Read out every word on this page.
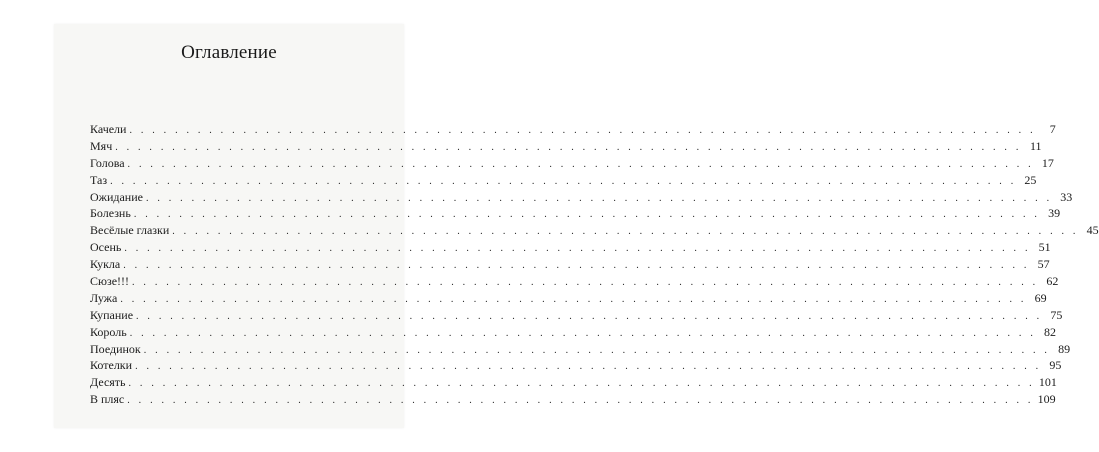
Оглавление
Качели . . . . . . . . . . . . . . . . . . . . . . . . . . . . . . . . . . . . . . . . . . . . . . . . . . . . . . . . . . . . . . . . . . . . . . . . . . . . . . . .	7
Мяч . . . . . . . . . . . . . . . . . . . . . . . . . . . . . . . . . . . . . . . . . . . . . . . . . . . . . . . . . . . . . . . . . . . . . . . . . . . . . . . . 11
Голова . . . . . . . . . . . . . . . . . . . . . . . . . . . . . . . . . . . . . . . . . . . . . . . . . . . . . . . . . . . . . . . . . . . . . . . . . . . . . . . . 17
Таз . . . . . . . . . . . . . . . . . . . . . . . . . . . . . . . . . . . . . . . . . . . . . . . . . . . . . . . . . . . . . . . . . . . . . . . . . . . . . . . . 25
Ожидание . . . . . . . . . . . . . . . . . . . . . . . . . . . . . . . . . . . . . . . . . . . . . . . . . . . . . . . . . . . . . . . . . . . . . . . . . . . . . . . . 33
Болезнь . . . . . . . . . . . . . . . . . . . . . . . . . . . . . . . . . . . . . . . . . . . . . . . . . . . . . . . . . . . . . . . . . . . . . . . . . . . . . . . . 39
Весёлые глазки . . . . . . . . . . . . . . . . . . . . . . . . . . . . . . . . . . . . . . . . . . . . . . . . . . . . . . . . . . . . . . . . . . . . . . . . . . . . . . . . 45
Осень . . . . . . . . . . . . . . . . . . . . . . . . . . . . . . . . . . . . . . . . . . . . . . . . . . . . . . . . . . . . . . . . . . . . . . . . . . . . . . . . 51
Кукла . . . . . . . . . . . . . . . . . . . . . . . . . . . . . . . . . . . . . . . . . . . . . . . . . . . . . . . . . . . . . . . . . . . . . . . . . . . . . . . . 57
Сюзе!!! . . . . . . . . . . . . . . . . . . . . . . . . . . . . . . . . . . . . . . . . . . . . . . . . . . . . . . . . . . . . . . . . . . . . . . . . . . . . . . . . 62
Лужа . . . . . . . . . . . . . . . . . . . . . . . . . . . . . . . . . . . . . . . . . . . . . . . . . . . . . . . . . . . . . . . . . . . . . . . . . . . . . . . . 69
Купание . . . . . . . . . . . . . . . . . . . . . . . . . . . . . . . . . . . . . . . . . . . . . . . . . . . . . . . . . . . . . . . . . . . . . . . . . . . . . . . . 75
Король . . . . . . . . . . . . . . . . . . . . . . . . . . . . . . . . . . . . . . . . . . . . . . . . . . . . . . . . . . . . . . . . . . . . . . . . . . . . . . . . 82
Поединок . . . . . . . . . . . . . . . . . . . . . . . . . . . . . . . . . . . . . . . . . . . . . . . . . . . . . . . . . . . . . . . . . . . . . . . . . . . . . . . . 89
Котелки . . . . . . . . . . . . . . . . . . . . . . . . . . . . . . . . . . . . . . . . . . . . . . . . . . . . . . . . . . . . . . . . . . . . . . . . . . . . . . . . 95
Десять . . . . . . . . . . . . . . . . . . . . . . . . . . . . . . . . . . . . . . . . . . . . . . . . . . . . . . . . . . . . . . . . . . . . . . . . . . . . . . . . 101
В пляс . . . . . . . . . . . . . . . . . . . . . . . . . . . . . . . . . . . . . . . . . . . . . . . . . . . . . . . . . . . . . . . . . . . . . . . . . . . . . . . . 109
